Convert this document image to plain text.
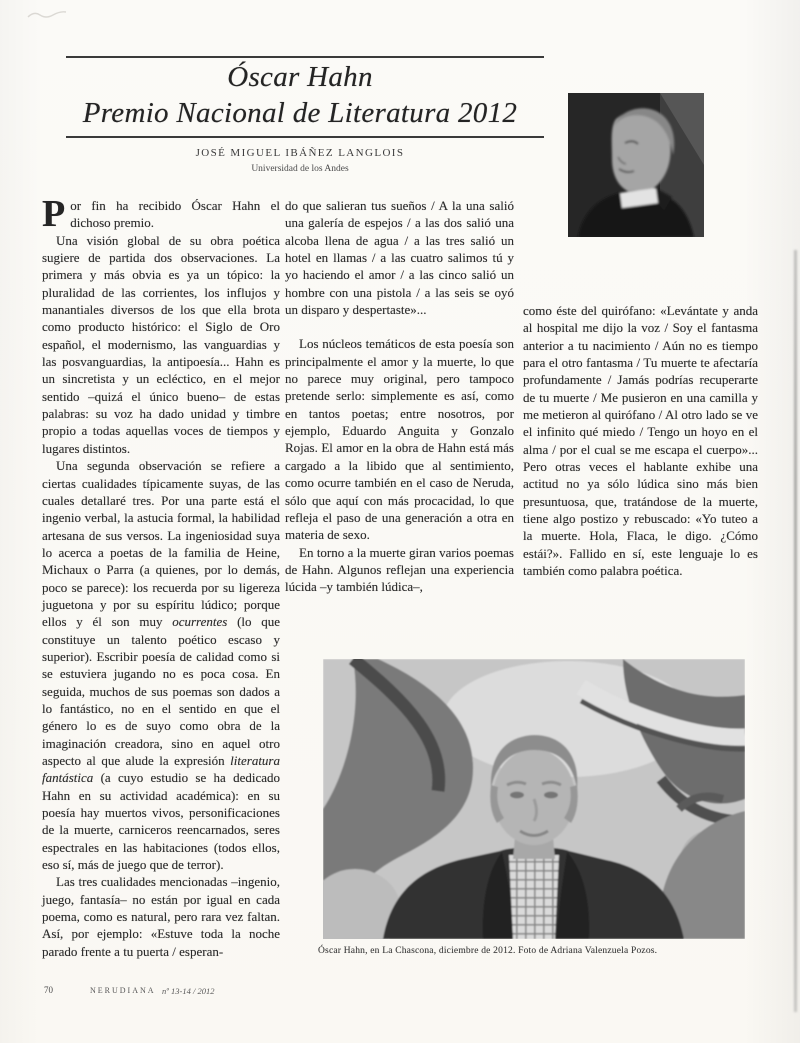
Óscar Hahn
Premio Nacional de Literatura 2012
JOSÉ MIGUEL IBÁÑEZ LANGLOIS
Universidad de los Andes

Por fin ha recibido Óscar Hahn el dichoso premio.

Una visión global de su obra poética sugiere de partida dos observaciones. La primera y más obvia es ya un tópico: la pluralidad de las corrientes, los influjos y manantiales diversos de los que ella brota como producto histórico: el Siglo de Oro español, el modernismo, las vanguardias y las posvanguardias, la antipoesía... Hahn es un sincretista y un ecléctico, en el mejor sentido –quizá el único bueno– de estas palabras: su voz ha dado unidad y timbre propio a todas aquellas voces de tiempos y lugares distintos.

Una segunda observación se refiere a ciertas cualidades típicamente suyas, de las cuales detallaré tres. Por una parte está el ingenio verbal, la astucia formal, la habilidad artesana de sus versos. La ingeniosidad suya lo acerca a poetas de la familia de Heine, Michaux o Parra (a quienes, por lo demás, poco se parece): los recuerda por su ligereza juguetona y por su espíritu lúdico; porque ellos y él son muy ocurrentes (lo que constituye un talento poético escaso y superior). Escribir poesía de calidad como si se estuviera jugando no es poca cosa. En seguida, muchos de sus poemas son dados a lo fantástico, no en el sentido en que el género lo es de suyo como obra de la imaginación creadora, sino en aquel otro aspecto al que alude la expresión literatura fantástica (a cuyo estudio se ha dedicado Hahn en su actividad académica): en su poesía hay muertos vivos, personificaciones de la muerte, carniceros reencarnados, seres espectrales en las habitaciones (todos ellos, eso sí, más de juego que de terror).

Las tres cualidades mencionadas –ingenio, juego, fantasía– no están por igual en cada poema, como es natural, pero rara vez faltan. Así, por ejemplo: «Estuve toda la noche parado frente a tu puerta / esperan-

do que salieran tus sueños / A la una salió una galería de espejos / a las dos salió una alcoba llena de agua / a las tres salió un hotel en llamas / a las cuatro salimos tú y yo haciendo el amor / a las cinco salió un hombre con una pistola / a las seis se oyó un disparo y despertaste»...

Los núcleos temáticos de esta poesía son principalmente el amor y la muerte, lo que no parece muy original, pero tampoco pretende serlo: simplemente es así, como en tantos poetas; entre nosotros, por ejemplo, Eduardo Anguita y Gonzalo Rojas. El amor en la obra de Hahn está más cargado a la libido que al sentimiento, como ocurre también en el caso de Neruda, sólo que aquí con más procacidad, lo que refleja el paso de una generación a otra en materia de sexo.

En torno a la muerte giran varios poemas de Hahn. Algunos reflejan una experiencia lúcida –y también lúdica–,

como éste del quirófano: «Levántate y anda al hospital me dijo la voz / Soy el fantasma anterior a tu nacimiento / Aún no es tiempo para el otro fantasma / Tu muerte te afectaría profundamente / Jamás podrías recuperarte de tu muerte / Me pusieron en una camilla y me metieron al quirófano / Al otro lado se ve el infinito qué miedo / Tengo un hoyo en el alma / por el cual se me escapa el cuerpo»... Pero otras veces el hablante exhibe una actitud no ya sólo lúdica sino más bien presuntuosa, que, tratándose de la muerte, tiene algo postizo y rebuscado: «Yo tuteo a la muerte. Hola, Flaca, le digo. ¿Cómo estái?». Fallido en sí, este lenguaje lo es también como palabra poética.

Óscar Hahn, en La Chascona, diciembre de 2012. Foto de Adriana Valenzuela Pozos.
70	NERUDIANA nº 13-14 / 2012
